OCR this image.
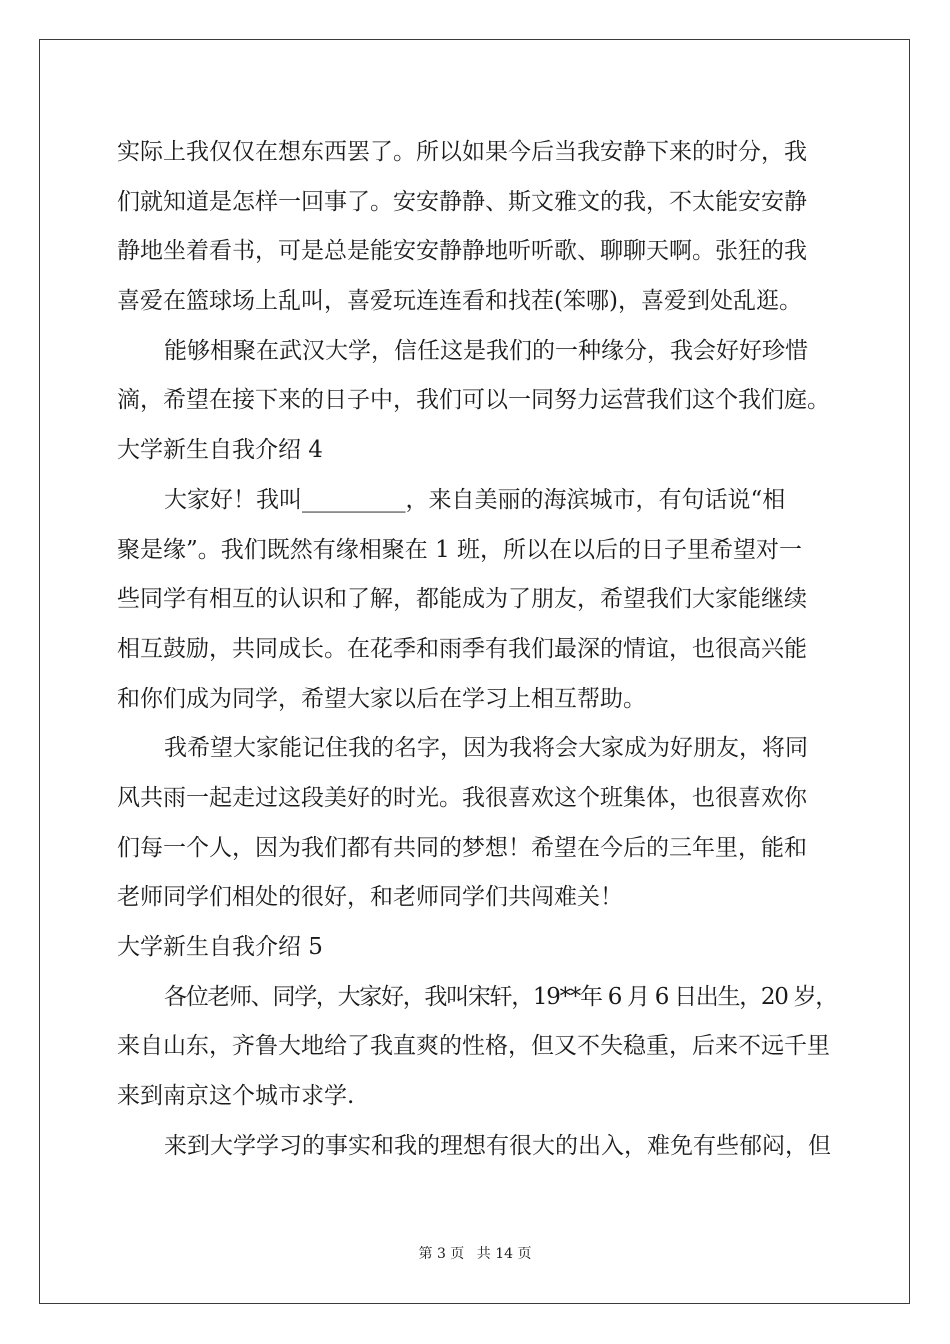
实际上我仅仅在想东西罢了。所以如果今后当我安静下来的时分，我
们就知道是怎样一回事了。安安静静、斯文雅文的我，不太能安安静
静地坐着看书，可是总是能安安静静地听听歌、聊聊天啊。张狂的我
喜爱在篮球场上乱叫，喜爱玩连连看和找茬(笨哪)，喜爱到处乱逛。
能够相聚在武汉大学，信任这是我们的一种缘分，我会好好珍惜
滴，希望在接下来的日子中，我们可以一同努力运营我们这个我们庭。
大学新生自我介绍 4
大家好！我叫_________，来自美丽的海滨城市，有句话说“相
聚是缘”。我们既然有缘相聚在 1 班，所以在以后的日子里希望对一
些同学有相互的认识和了解，都能成为了朋友，希望我们大家能继续
相互鼓励，共同成长。在花季和雨季有我们最深的情谊，也很高兴能
和你们成为同学，希望大家以后在学习上相互帮助。
我希望大家能记住我的名字，因为我将会大家成为好朋友，将同
风共雨一起走过这段美好的时光。我很喜欢这个班集体，也很喜欢你
们每一个人，因为我们都有共同的梦想！希望在今后的三年里，能和
老师同学们相处的很好，和老师同学们共闯难关！
大学新生自我介绍 5
各位老师、同学，大家好，我叫宋轩，19**年 6 月 6 日出生，20 岁，
来自山东，齐鲁大地给了我直爽的性格，但又不失稳重，后来不远千里
来到南京这个城市求学.
来到大学学习的事实和我的理想有很大的出入，难免有些郁闷，但
第 3 页 共 14 页
